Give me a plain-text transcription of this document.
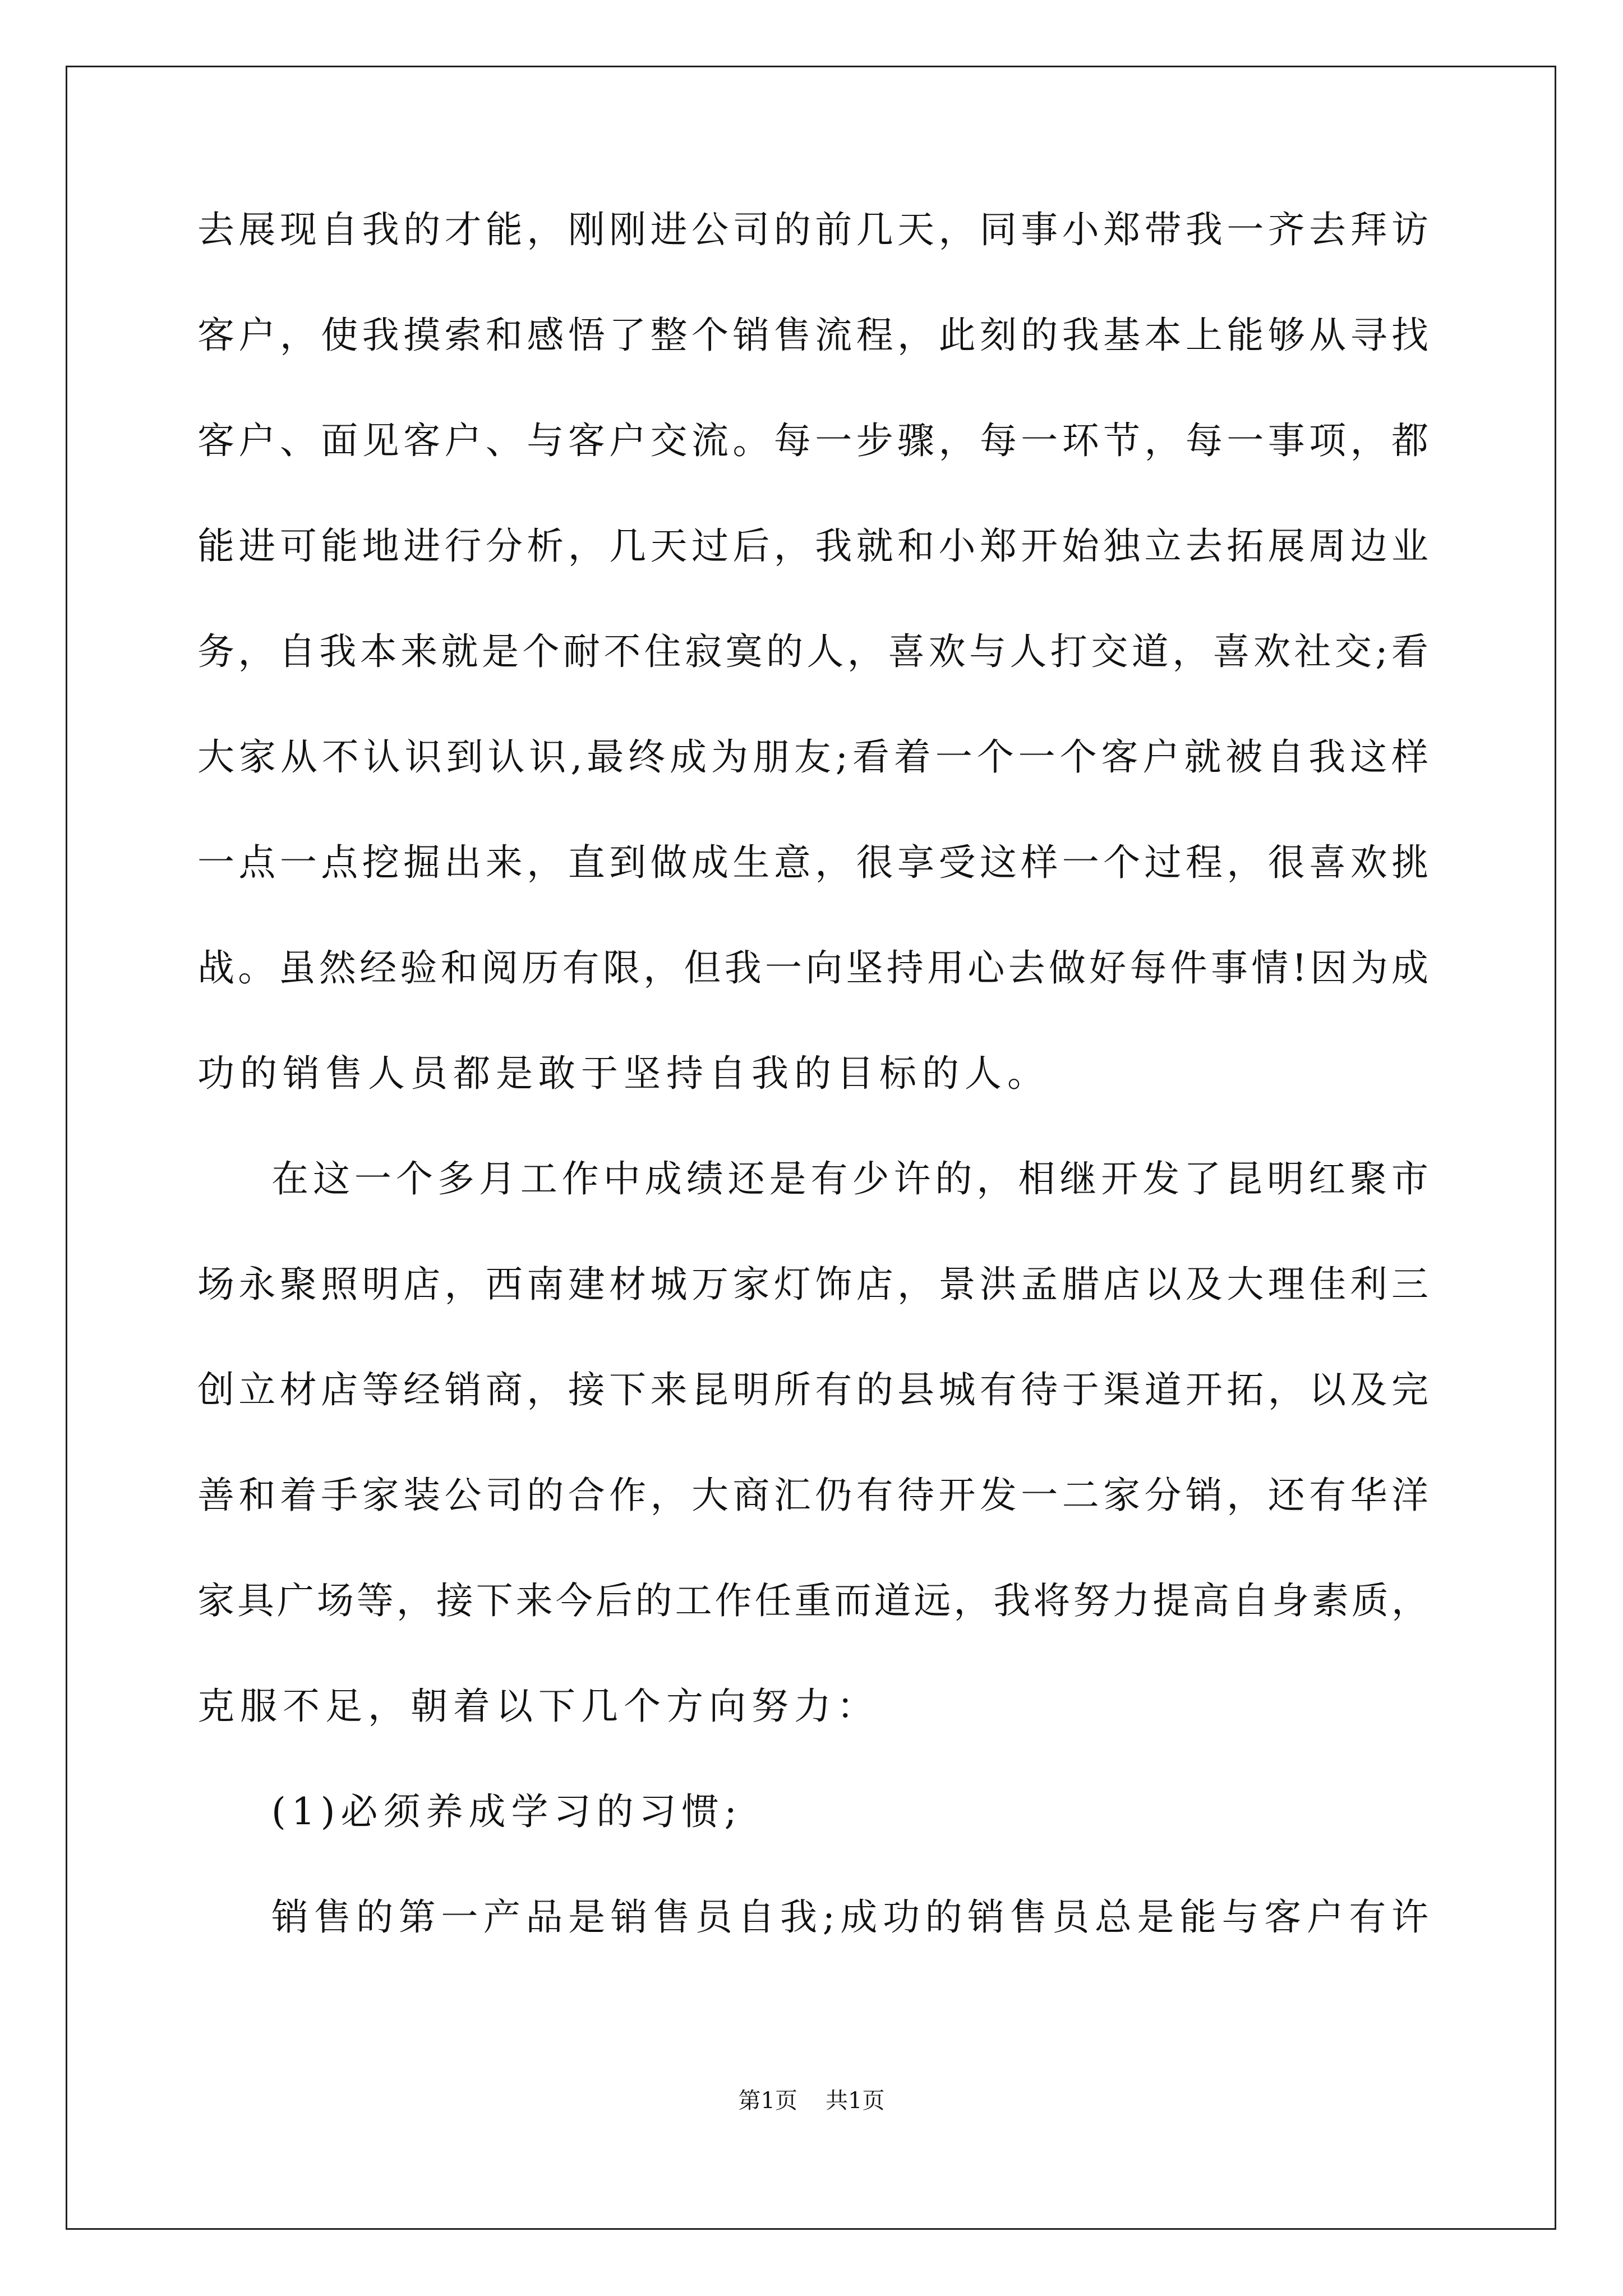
去展现自我的才能，刚刚进公司的前几天，同事小郑带我一齐去拜访
客户，使我摸索和感悟了整个销售流程，此刻的我基本上能够从寻找
客户、面见客户、与客户交流。每一步骤，每一环节，每一事项，都
能进可能地进行分析，几天过后，我就和小郑开始独立去拓展周边业
务，自我本来就是个耐不住寂寞的人，喜欢与人打交道，喜欢社交;看
大家从不认识到认识,最终成为朋友;看着一个一个客户就被自我这样
一点一点挖掘出来，直到做成生意，很享受这样一个过程，很喜欢挑
战。虽然经验和阅历有限，但我一向坚持用心去做好每件事情!因为成
功的销售人员都是敢于坚持自我的目标的人。
在这一个多月工作中成绩还是有少许的，相继开发了昆明红聚市
场永聚照明店，西南建材城万家灯饰店，景洪孟腊店以及大理佳利三
创立材店等经销商，接下来昆明所有的县城有待于渠道开拓，以及完
善和着手家装公司的合作，大商汇仍有待开发一二家分销，还有华洋
家具广场等，接下来今后的工作任重而道远，我将努力提高自身素质，
克服不足，朝着以下几个方向努力：
(1)必须养成学习的习惯;
销售的第一产品是销售员自我;成功的销售员总是能与客户有许
第1页 共1页
